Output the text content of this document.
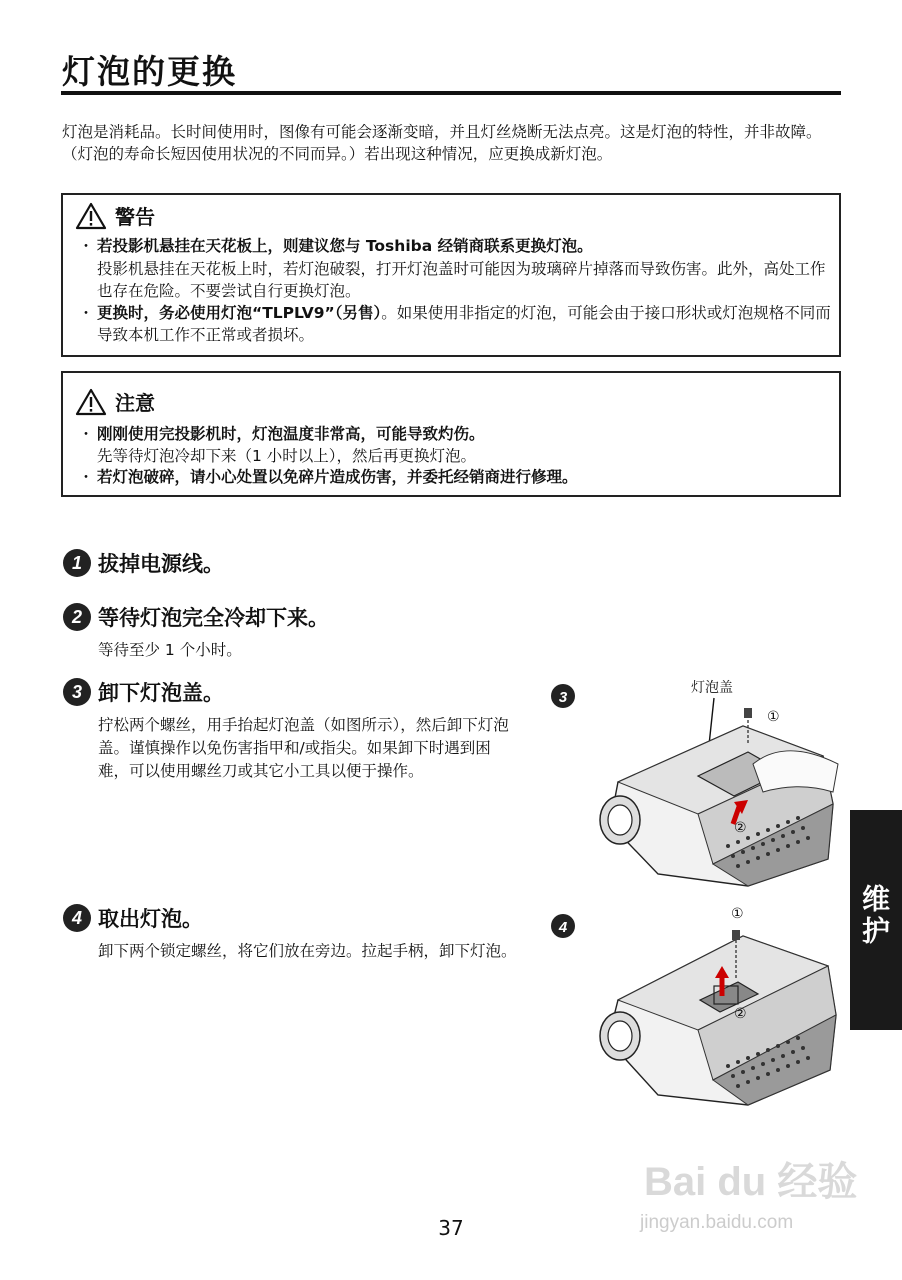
灯泡的更换
灯泡是消耗品。长时间使用时，图像有可能会逐渐变暗，并且灯丝烧断无法点亮。这是灯泡的特性，并非故障。（灯泡的寿命长短因使用状况的不同而异。）若出现这种情况，应更换成新灯泡。
警告
・ 若投影机悬挂在天花板上，则建议您与 Toshiba 经销商联系更换灯泡。
投影机悬挂在天花板上时，若灯泡破裂，打开灯泡盖时可能因为玻璃碎片掉落而导致伤害。此外，高处工作也存在危险。不要尝试自行更换灯泡。
・ 更换时，务必使用灯泡“TLPLV9”（另售）。如果使用非指定的灯泡，可能会由于接口形状或灯泡规格不同而导致本机工作不正常或者损坏。
注意
・ 刚刚使用完投影机时，灯泡温度非常高，可能导致灼伤。
先等待灯泡冷却下来（1 小时以上），然后再更换灯泡。
・ 若灯泡破碎，请小心处置以免碎片造成伤害，并委托经销商进行修理。
1 拔掉电源线。
2 等待灯泡完全冷却下来。
等待至少 1 个小时。
3 卸下灯泡盖。
拧松两个螺丝，用手抬起灯泡盖（如图所示），然后卸下灯泡盖。谨慎操作以免伤害指甲和/或指尖。如果卸下时遇到困难，可以使用螺丝刀或其它小工具以便于操作。
4 取出灯泡。
卸下两个锁定螺丝，将它们放在旁边。拉起手柄，卸下灯泡。
3
灯泡盖
①
②
4
①
②
维护
Bai du 经验
jingyan.baidu.com
37
